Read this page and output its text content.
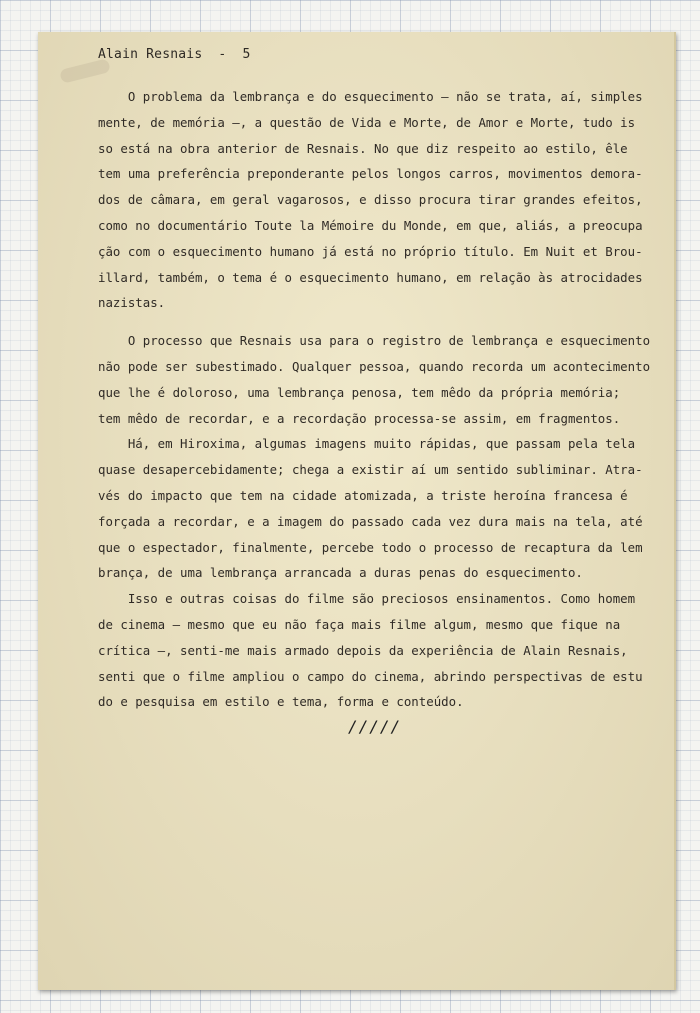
Alain Resnais  -  5
O problema da lembrança e do esquecimento — não se trata, aí, simples
mente, de memória —, a questão de Vida e Morte, de Amor e Morte, tudo is
so está na obra anterior de Resnais. No que diz respeito ao estilo, êle
tem uma preferência preponderante pelos longos carros, movimentos demora-
dos de câmara, em geral vagarosos, e disso procura tirar grandes efeitos,
como no documentário Toute la Mémoire du Monde, em que, aliás, a preocupa
ção com o esquecimento humano já está no próprio título. Em Nuit et Brou-
illard, também, o tema é o esquecimento humano, em relação às atrocidades
nazistas.
O processo que Resnais usa para o registro de lembrança e esquecimento
não pode ser subestimado. Qualquer pessoa, quando recorda um acontecimento
que lhe é doloroso, uma lembrança penosa, tem mêdo da própria memória;
tem mêdo de recordar, e a recordação processa-se assim, em fragmentos.
Há, em Hiroxima, algumas imagens muito rápidas, que passam pela tela
quase desapercebidamente; chega a existir aí um sentido subliminar. Atra-
vés do impacto que tem na cidade atomizada, a triste heroína francesa é
forçada a recordar, e a imagem do passado cada vez dura mais na tela, até
que o espectador, finalmente, percebe todo o processo de recaptura da lem
brança, de uma lembrança arrancada a duras penas do esquecimento.
Isso e outras coisas do filme são preciosos ensinamentos. Como homem
de cinema — mesmo que eu não faça mais filme algum, mesmo que fique na
crítica —, senti-me mais armado depois da experiência de Alain Resnais,
senti que o filme ampliou o campo do cinema, abrindo perspectivas de estu
do e pesquisa em estilo e tema, forma e conteúdo.
/////
